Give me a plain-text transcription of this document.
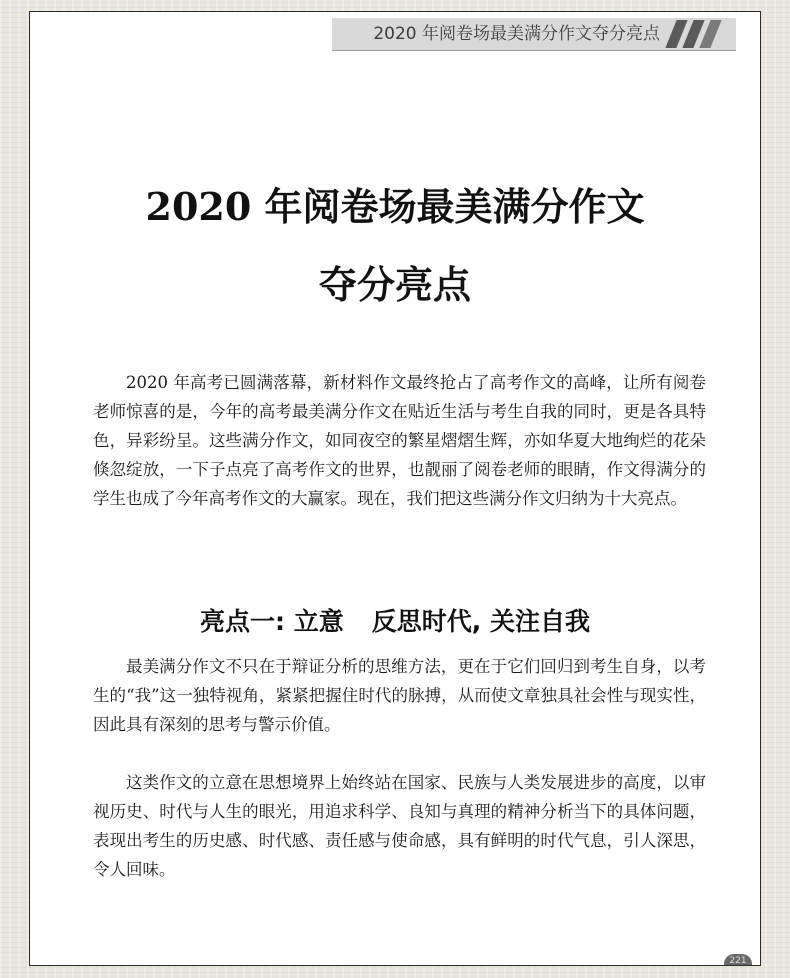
2020 年阅卷场最美满分作文夺分亮点
2020 年阅卷场最美满分作文
夺分亮点

2020 年高考已圆满落幕，新材料作文最终抢占了高考作文的高峰，让所有阅卷老师惊喜的是，今年的高考最美满分作文在贴近生活与考生自我的同时，更是各具特色，异彩纷呈。这些满分作文，如同夜空的繁星熠熠生辉，亦如华夏大地绚烂的花朵倏忽绽放，一下子点亮了高考作文的世界，也靓丽了阅卷老师的眼睛，作文得满分的学生也成了今年高考作文的大赢家。现在，我们把这些满分作文归纳为十大亮点。

亮点一: 立意 反思时代, 关注自我

最美满分作文不只在于辩证分析的思维方法，更在于它们回归到考生自身，以考生的“我”这一独特视角，紧紧把握住时代的脉搏，从而使文章独具社会性与现实性，因此具有深刻的思考与警示价值。

这类作文的立意在思想境界上始终站在国家、民族与人类发展进步的高度，以审视历史、时代与人生的眼光，用追求科学、良知与真理的精神分析当下的具体问题，表现出考生的历史感、时代感、责任感与使命感，具有鲜明的时代气息，引人深思，令人回味。

221
